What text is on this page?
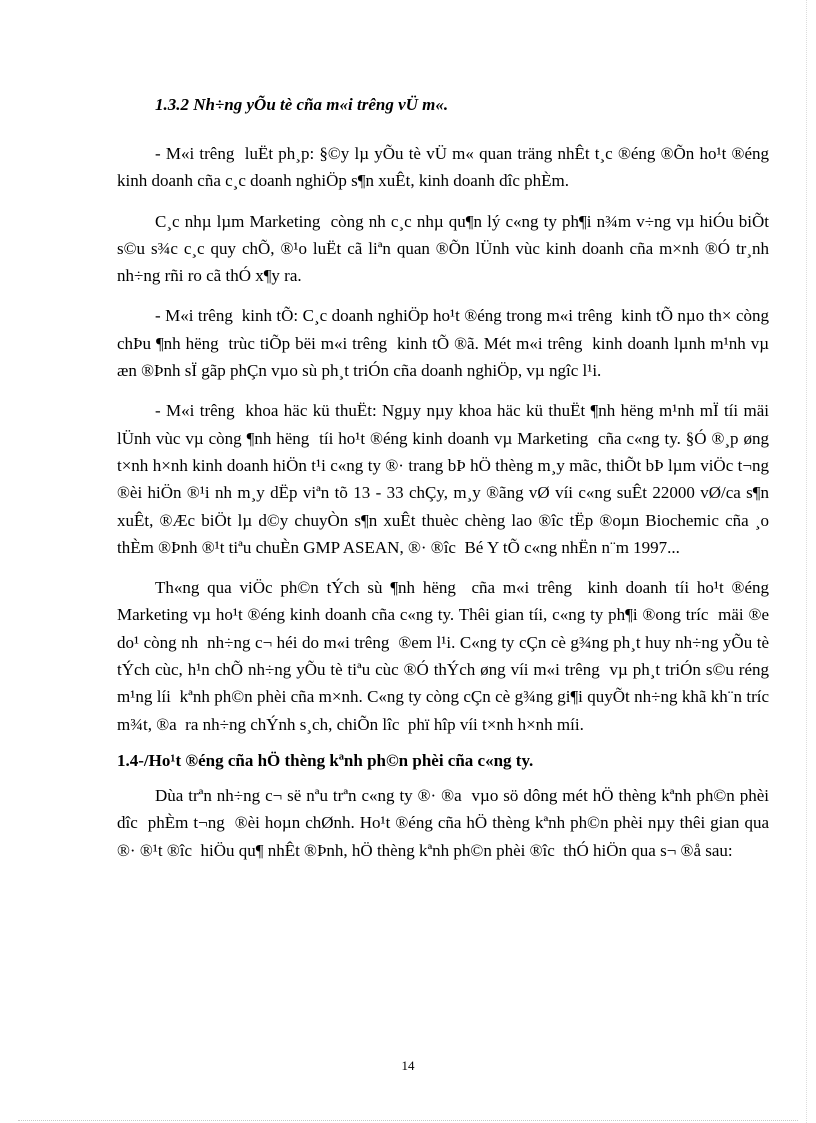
1.3.2 Nh÷ng yÕu tè cña m«i trêng vÜ m«.

- M«i trêng  luËt ph¸p: §©y lµ yÕu tè vÜ m« quan träng nhÊt t¸c ®éng ®Õn ho¹t ®éng kinh doanh cña c¸c doanh nghiÖp s¶n xuÊt, kinh doanh dîc phÈm.

C¸c nhµ lµm Marketing  còng nh c¸c nhµ qu¶n lý c«ng ty ph¶i n¾m v÷ng vµ hiÓu biÕt s©u s¾c c¸c quy chÕ, ®¹o luËt cã liªn quan ®Õn lÜnh vùc kinh doanh cña m×nh ®Ó tr¸nh nh÷ng rñi ro cã thÓ x¶y ra.

- M«i trêng  kinh tÕ: C¸c doanh nghiÖp ho¹t ®éng trong m«i trêng  kinh tÕ nµo th× còng chÞu ¶nh hëng  trùc tiÕp bëi m«i trêng  kinh tÕ ®ã. Mét m«i trêng  kinh doanh lµnh m¹nh vµ æn ®Þnh sÏ gãp phÇn vµo sù ph¸t triÓn cña doanh nghiÖp, vµ ngîc l¹i.

- M«i trêng  khoa häc kü thuËt: Ngµy nµy khoa häc kü thuËt ¶nh hëng m¹nh mÏ tíi mäi lÜnh vùc vµ còng ¶nh hëng  tíi ho¹t ®éng kinh doanh vµ Marketing  cña c«ng ty. §Ó ®¸p øng t×nh h×nh kinh doanh hiÖn t¹i c«ng ty ®· trang bÞ hÖ thèng m¸y mãc, thiÕt bÞ lµm viÖc t¬ng  ®èi hiÖn ®¹i nh m¸y dËp viªn tõ 13 - 33 chÇy, m¸y ®ãng vØ víi c«ng suÊt 22000 vØ/ca s¶n xuÊt, ®Æc biÖt lµ d©y chuyÒn s¶n xuÊt thuèc chèng lao ®îc tËp ®oµn Biochemic cña ¸o thÈm ®Þnh ®¹t tiªu chuÈn GMP ASEAN, ®· ®îc  Bé Y tÕ c«ng nhËn n¨m 1997...

Th«ng qua viÖc ph©n tÝch sù ¶nh hëng  cña m«i trêng  kinh doanh tíi ho¹t ®éng Marketing vµ ho¹t ®éng kinh doanh cña c«ng ty. Thêi gian tíi, c«ng ty ph¶i ®ong tríc  mäi ®e do¹ còng nh  nh÷ng c¬ héi do m«i trêng  ®em l¹i. C«ng ty cÇn cè g¾ng ph¸t huy nh÷ng yÕu tè tÝch cùc, h¹n chÕ nh÷ng yÕu tè tiªu cùc ®Ó thÝch øng víi m«i trêng  vµ ph¸t triÓn s©u réng m¹ng líi  kªnh ph©n phèi cña m×nh. C«ng ty còng cÇn cè g¾ng gi¶i quyÕt nh÷ng khã kh¨n tríc  m¾t, ®a  ra nh÷ng chÝnh s¸ch, chiÕn lîc  phï hîp víi t×nh h×nh míi.

1.4-/Ho¹t ®éng cña hÖ thèng kªnh ph©n phèi cña c«ng ty.

Dùa trªn nh÷ng c¬ së nªu trªn c«ng ty ®· ®a  vµo sö dông mét hÖ thèng kªnh ph©n phèi dîc  phÈm t¬ng  ®èi hoµn chØnh. Ho¹t ®éng cña hÖ thèng kªnh ph©n phèi nµy thêi gian qua ®· ®¹t ®îc  hiÖu qu¶ nhÊt ®Þnh, hÖ thèng kªnh ph©n phèi ®îc  thÓ hiÖn qua s¬ ®å sau:

14
